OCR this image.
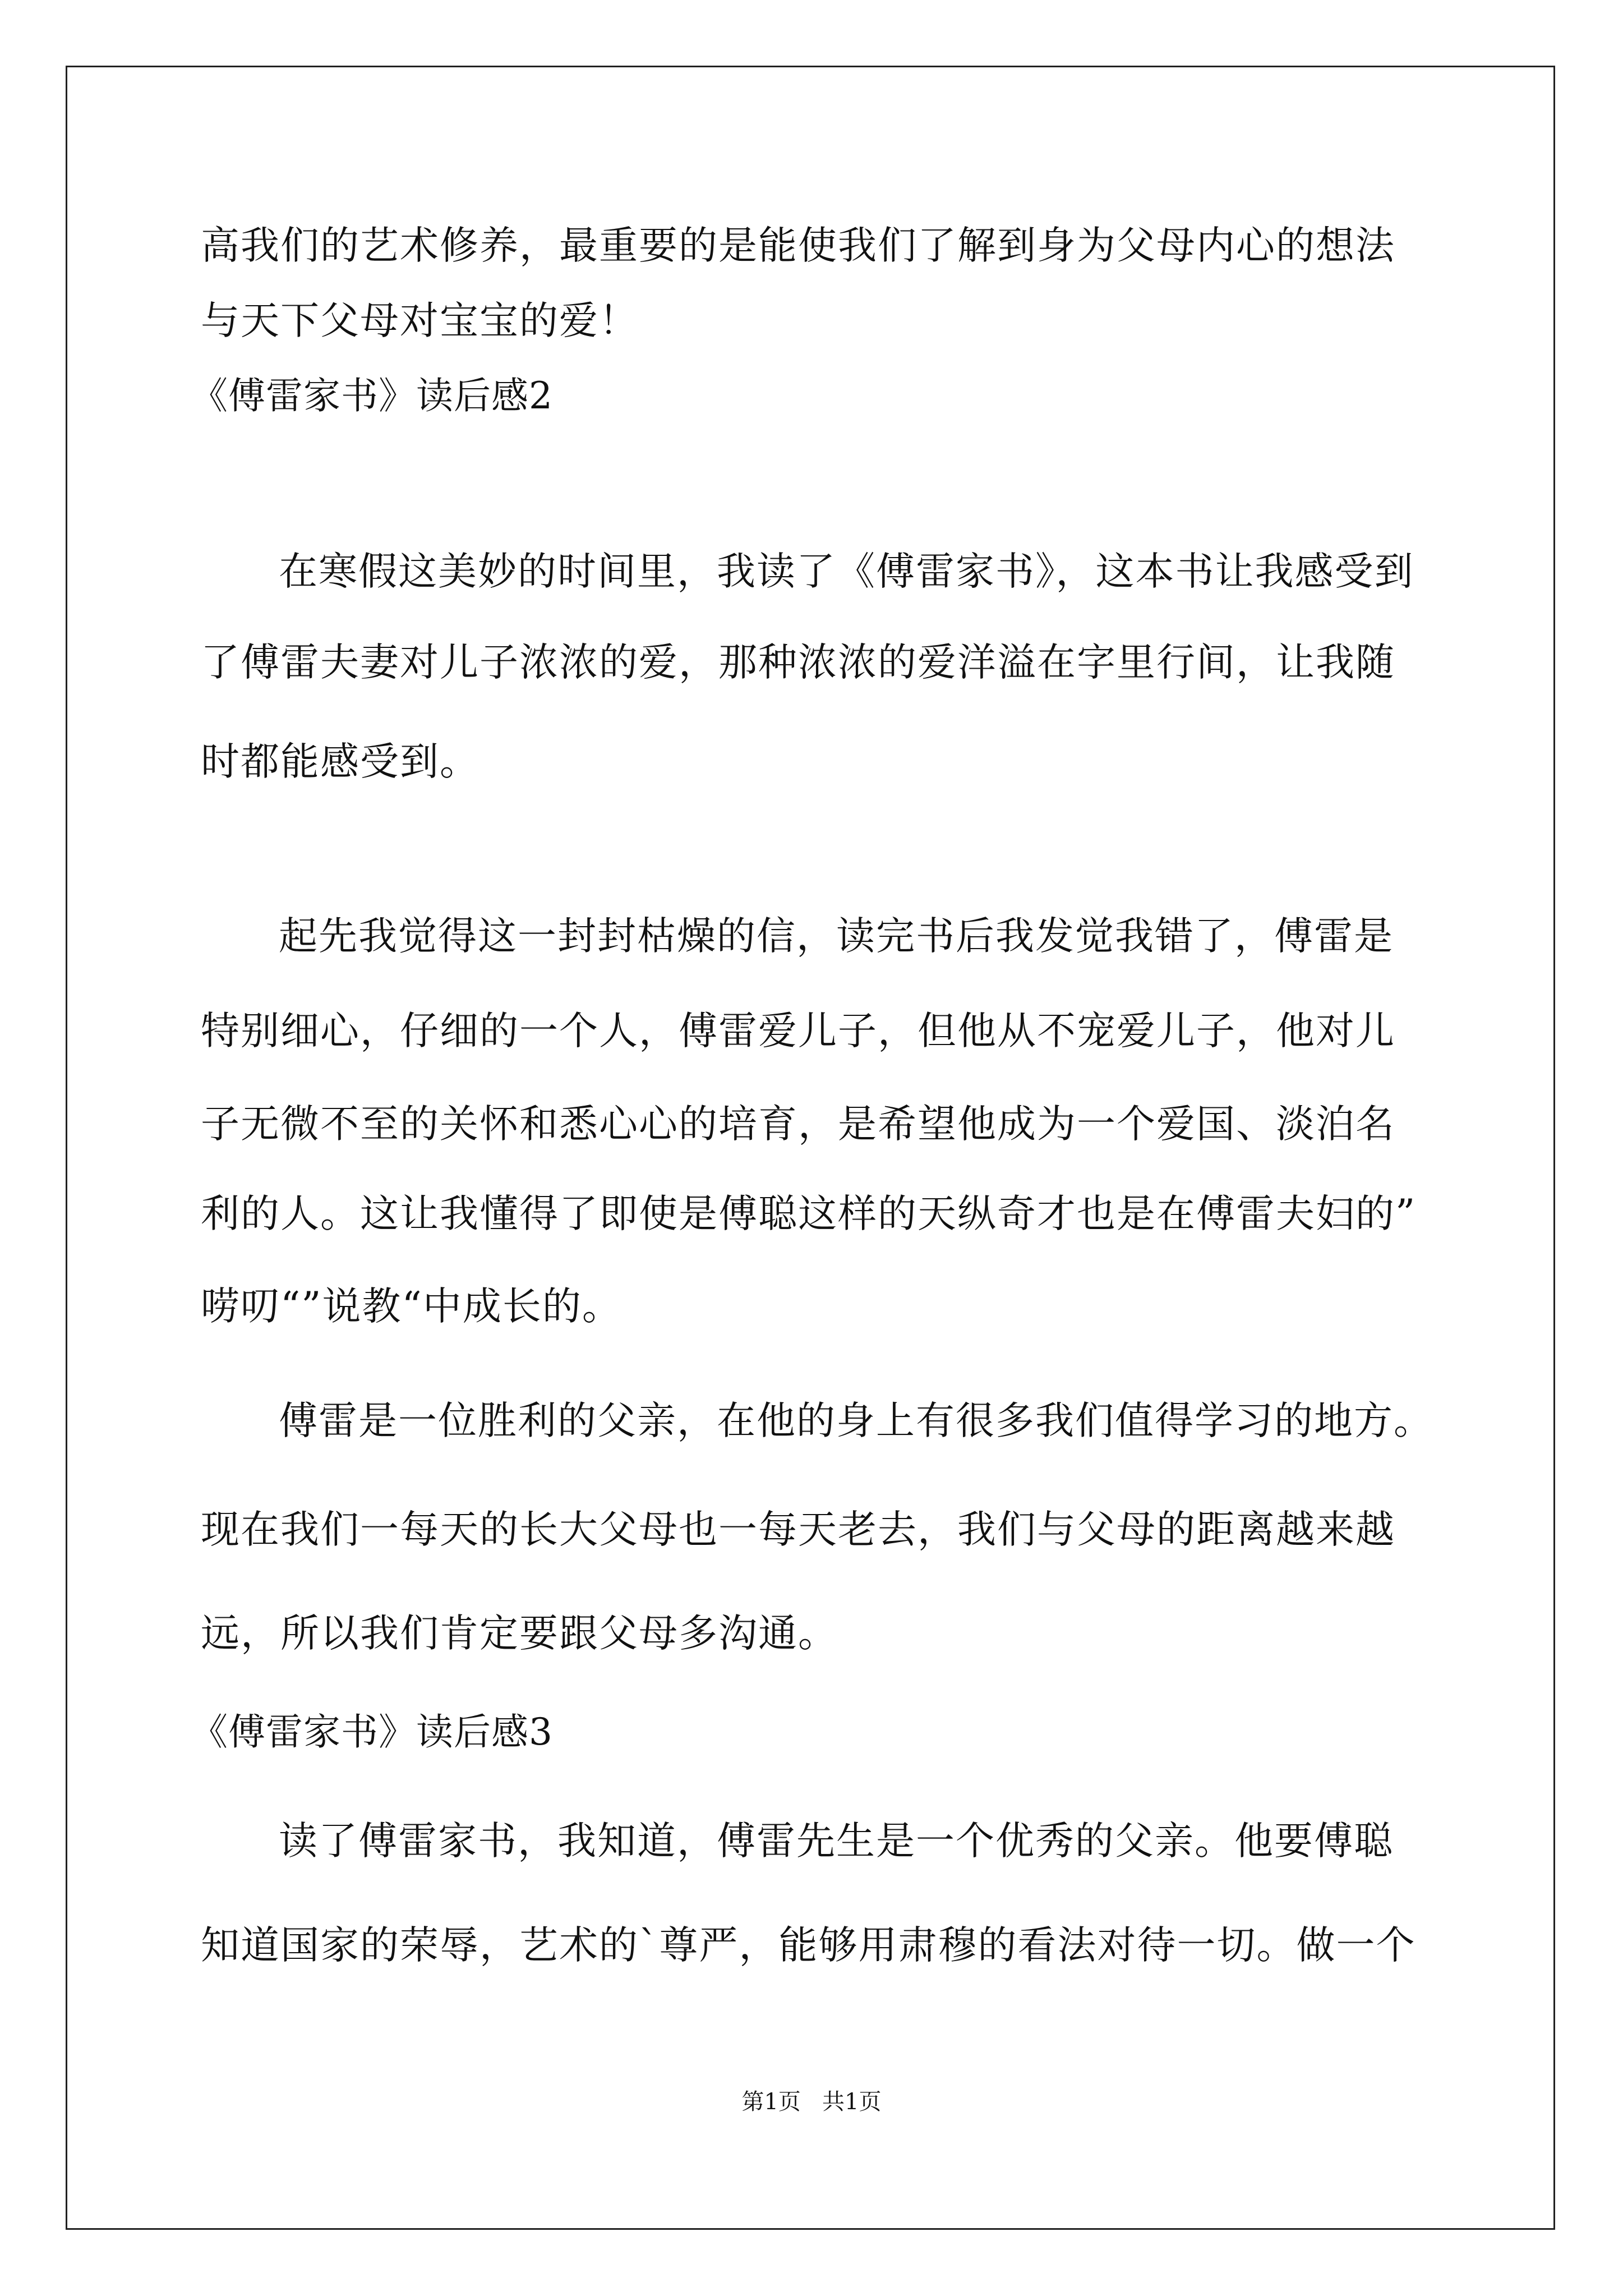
高我们的艺术修养，最重要的是能使我们了解到身为父母内心的想法
与天下父母对宝宝的爱！
《傅雷家书》读后感2
在寒假这美妙的时间里，我读了《傅雷家书》，这本书让我感受到
了傅雷夫妻对儿子浓浓的爱，那种浓浓的爱洋溢在字里行间，让我随
时都能感受到。
起先我觉得这一封封枯燥的信，读完书后我发觉我错了，傅雷是
特别细心，仔细的一个人，傅雷爱儿子，但他从不宠爱儿子，他对儿
子无微不至的关怀和悉心心的培育，是希望他成为一个爱国、淡泊名
利的人。这让我懂得了即使是傅聪这样的天纵奇才也是在傅雷夫妇的”
唠叨“”说教“中成长的。
傅雷是一位胜利的父亲，在他的身上有很多我们值得学习的地方。
现在我们一每天的长大父母也一每天老去，我们与父母的距离越来越
远，所以我们肯定要跟父母多沟通。
《傅雷家书》读后感3
读了傅雷家书，我知道，傅雷先生是一个优秀的父亲。他要傅聪
知道国家的荣辱，艺术的`尊严，能够用肃穆的看法对待一切。做一个
第1页   共1页
